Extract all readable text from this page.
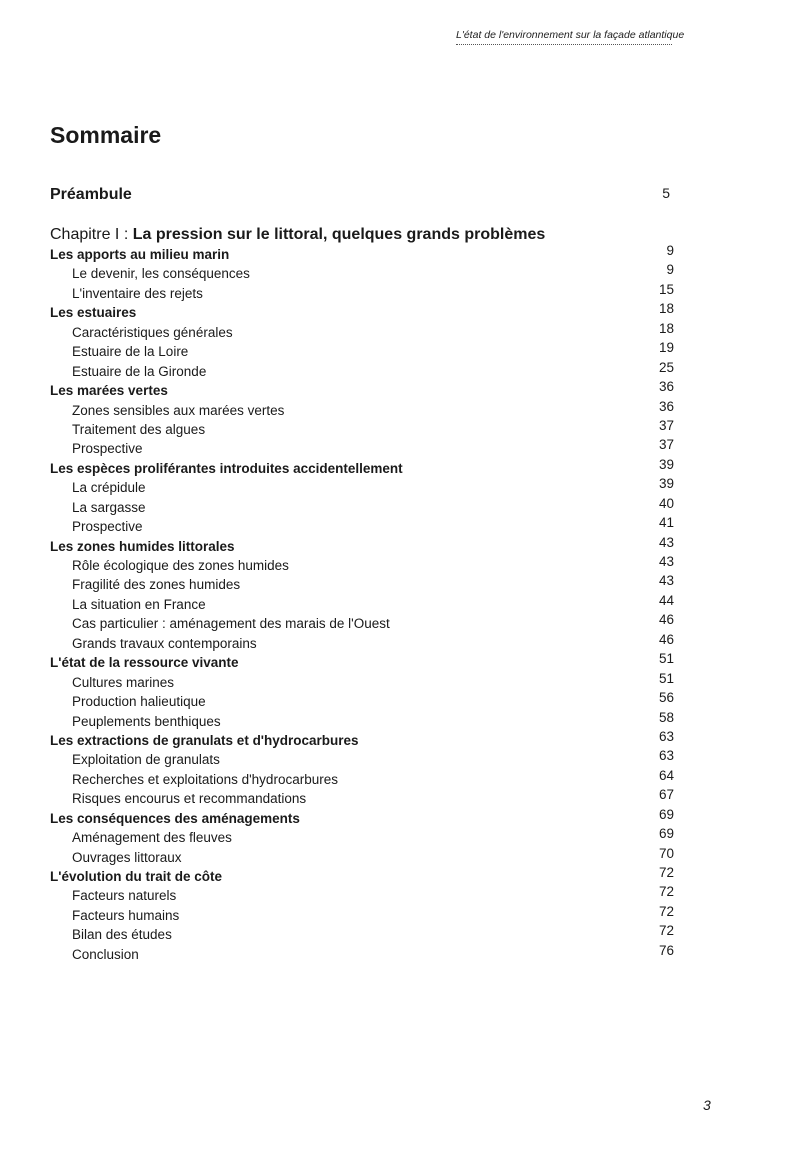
L'état de l'environnement sur la façade atlantique
Sommaire
Préambule	5
Chapitre I : La pression sur le littoral, quelques grands problèmes
Les apports au milieu marin	9
Le devenir, les conséquences	9
L'inventaire des rejets	15
Les estuaires	18
Caractéristiques générales	18
Estuaire de la Loire	19
Estuaire de la Gironde	25
Les marées vertes	36
Zones sensibles aux marées vertes	36
Traitement des algues	37
Prospective	37
Les espèces proliférantes introduites accidentellement	39
La crépidule	39
La sargasse	40
Prospective	41
Les zones humides littorales	43
Rôle écologique des zones humides	43
Fragilité des zones humides	43
La situation en France	44
Cas particulier : aménagement des marais de l'Ouest	46
Grands travaux contemporains	46
L'état de la ressource vivante	51
Cultures marines	51
Production halieutique	56
Peuplements benthiques	58
Les extractions de granulats et d'hydrocarbures	63
Exploitation de granulats	63
Recherches et exploitations d'hydrocarbures	64
Risques encourus et recommandations	67
Les conséquences des aménagements	69
Aménagement des fleuves	69
Ouvrages littoraux	70
L'évolution du trait de côte	72
Facteurs naturels	72
Facteurs humains	72
Bilan des études	72
Conclusion	76
3
